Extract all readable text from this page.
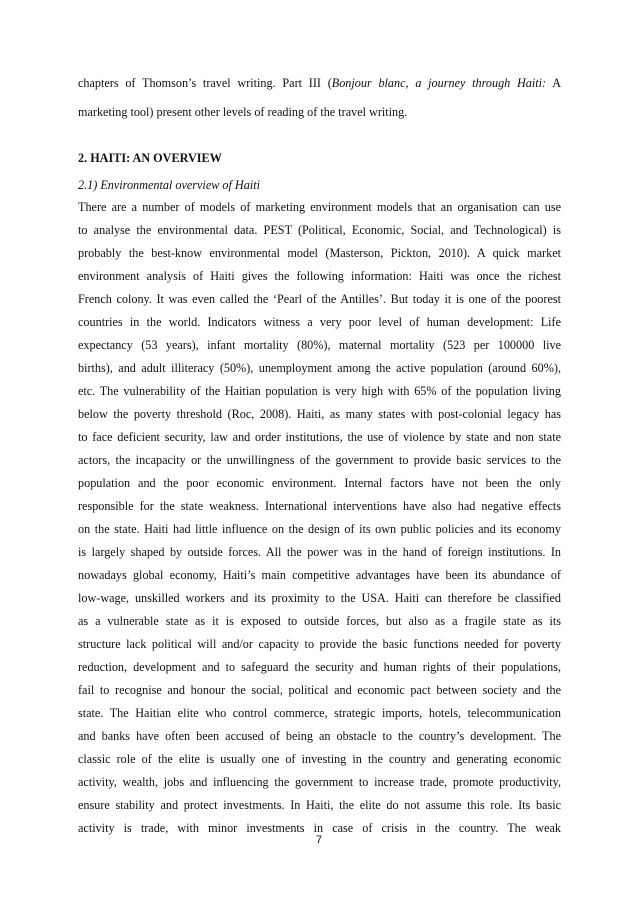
chapters of Thomson’s travel writing. Part III (Bonjour blanc, a journey through Haiti: A
marketing tool) present other levels of reading of the travel writing.
2. HAITI: AN OVERVIEW
2.1) Environmental overview of Haiti
There are a number of models of marketing environment models that an organisation can use
to analyse the environmental data. PEST (Political, Economic, Social, and Technological) is
probably the best-know environmental model (Masterson, Pickton, 2010). A quick market
environment analysis of Haiti gives the following information: Haiti was once the richest
French colony. It was even called the ‘Pearl of the Antilles’. But today it is one of the poorest
countries in the world. Indicators witness a very poor level of human development: Life
expectancy (53 years), infant mortality (80%), maternal mortality (523 per 100000 live
births), and adult illiteracy (50%), unemployment among the active population (around 60%),
etc. The vulnerability of the Haitian population is very high with 65% of the population living
below the poverty threshold (Roc, 2008). Haiti, as many states with post-colonial legacy has
to face deficient security, law and order institutions, the use of violence by state and non state
actors, the incapacity or the unwillingness of the government to provide basic services to the
population and the poor economic environment. Internal factors have not been the only
responsible for the state weakness. International interventions have also had negative effects
on the state. Haiti had little influence on the design of its own public policies and its economy
is largely shaped by outside forces. All the power was in the hand of foreign institutions. In
nowadays global economy, Haiti’s main competitive advantages have been its abundance of
low-wage, unskilled workers and its proximity to the USA. Haiti can therefore be classified
as a vulnerable state as it is exposed to outside forces, but also as a fragile state as its
structure lack political will and/or capacity to provide the basic functions needed for poverty
reduction, development and to safeguard the security and human rights of their populations,
fail to recognise and honour the social, political and economic pact between society and the
state. The Haitian elite who control commerce, strategic imports, hotels, telecommunication
and banks have often been accused of being an obstacle to the country’s development. The
classic role of the elite is usually one of investing in the country and generating economic
activity, wealth, jobs and influencing the government to increase trade, promote productivity,
ensure stability and protect investments. In Haiti, the elite do not assume this role. Its basic
activity is trade, with minor investments in case of crisis in the country. The weak
7
